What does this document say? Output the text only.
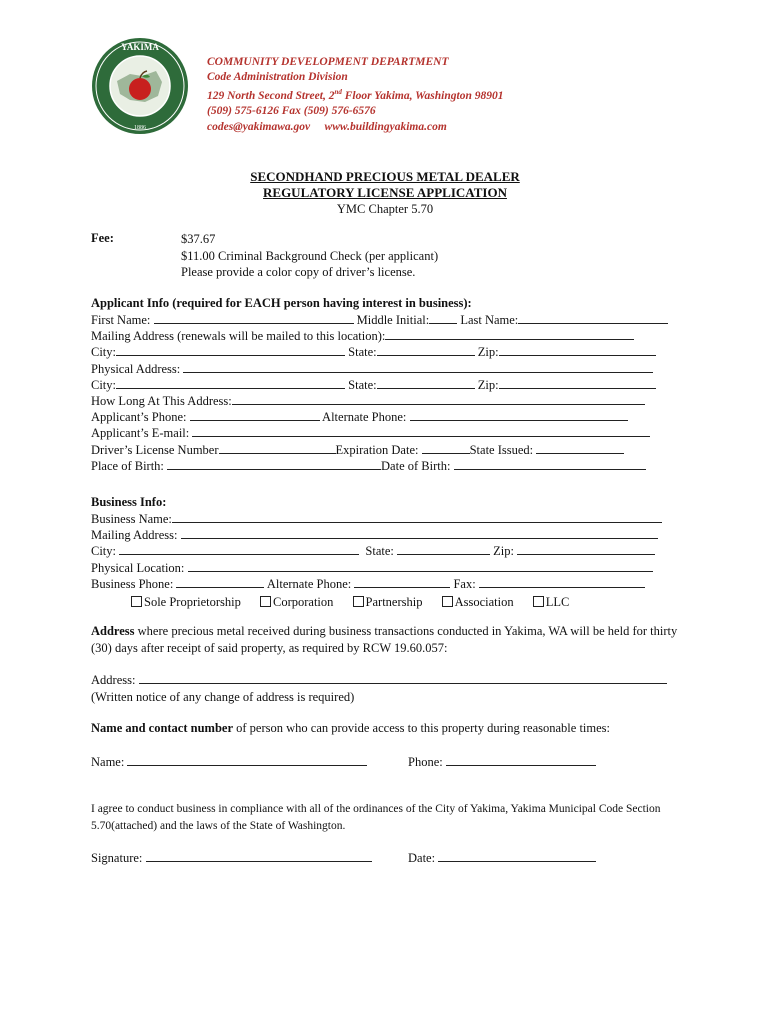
YAKIMA
1886
COMMUNITY DEVELOPMENT DEPARTMENT
Code Administration Division
129 North Second Street, 2nd Floor Yakima, Washington 98901
(509) 575-6126 Fax (509) 576-6576
codes@yakimawa.gov www.buildingyakima.com
SECONDHAND PRECIOUS METAL DEALER
REGULATORY LICENSE APPLICATION
YMC Chapter 5.70
Fee:	$37.67
$11.00 Criminal Background Check (per applicant)
Please provide a color copy of driver’s license.
Applicant Info (required for EACH person having interest in business):
First Name:	Middle Initial: Last Name:
Mailing Address (renewals will be mailed to this location):
City:	State:	Zip:
Physical Address:
City:	State:	Zip:
How Long At This Address:
Applicant’s Phone:	Alternate Phone:
Applicant’s E-mail:
Driver’s License Number	Expiration Date:	State Issued:
Place of Birth:	Date of Birth:
Business Info:
Business Name:
Mailing Address:
City:	State:	Zip:
Physical Location:
Business Phone:	Alternate Phone:	Fax:
Sole Proprietorship	Corporation	Partnership	Association	LLC
Address where precious metal received during business transactions conducted in Yakima, WA will be held for thirty (30) days after receipt of said property, as required by RCW 19.60.057:
Address:
(Written notice of any change of address is required)
Name and contact number of person who can provide access to this property during reasonable times:
Name:	Phone:
I agree to conduct business in compliance with all of the ordinances of the City of Yakima, Yakima Municipal Code Section 5.70(attached) and the laws of the State of Washington.
Signature:	Date:
